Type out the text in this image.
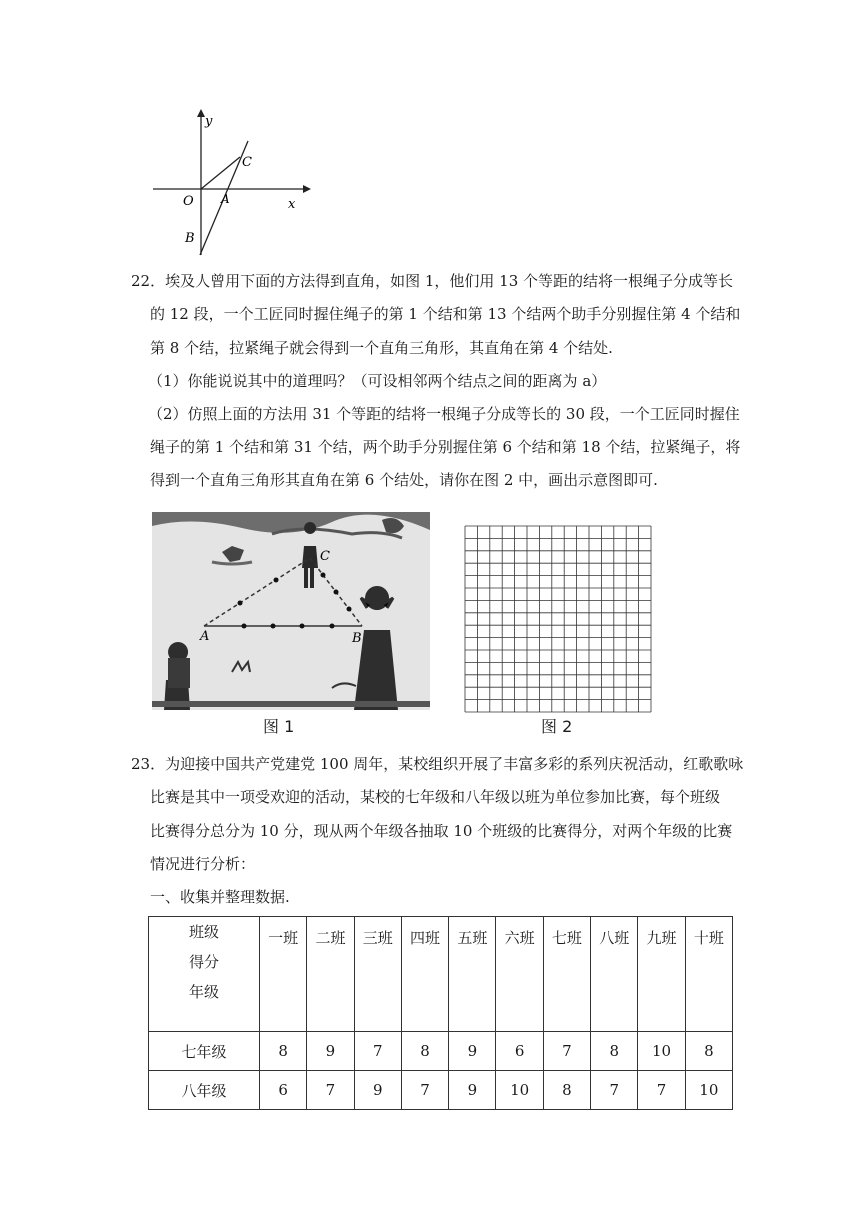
y
x
O A
B
C
22．埃及人曾用下面的方法得到直角，如图 1，他们用 13 个等距的结将一根绳子分成等长
的 12 段，一个工匠同时握住绳子的第 1 个结和第 13 个结两个助手分别握住第 4 个结和
第 8 个结，拉紧绳子就会得到一个直角三角形，其直角在第 4 个结处.
（1）你能说说其中的道理吗？（可设相邻两个结点之间的距离为 a）
（2）仿照上面的方法用 31 个等距的结将一根绳子分成等长的 30 段，一个工匠同时握住
绳子的第 1 个结和第 31 个结，两个助手分别握住第 6 个结和第 18 个结，拉紧绳子，将
得到一个直角三角形其直角在第 6 个结处，请你在图 2 中，画出示意图即可.
A	B
C
图 1	图 2
23．为迎接中国共产党建党 100 周年，某校组织开展了丰富多彩的系列庆祝活动，红歌歌咏
比赛是其中一项受欢迎的活动，某校的七年级和八年级以班为单位参加比赛，每个班级
比赛得分总分为 10 分，现从两个年级各抽取 10 个班级的比赛得分，对两个年级的比赛
情况进行分析：
一、收集并整理数据.
班级
得分
年级	一班	二班	三班	四班	五班	六班	七班	八班	九班	十班
七年级	8	9	7	8	9	6	7	8	10	8
八年级	6	7	9	7	9	10	8	7	7	10
